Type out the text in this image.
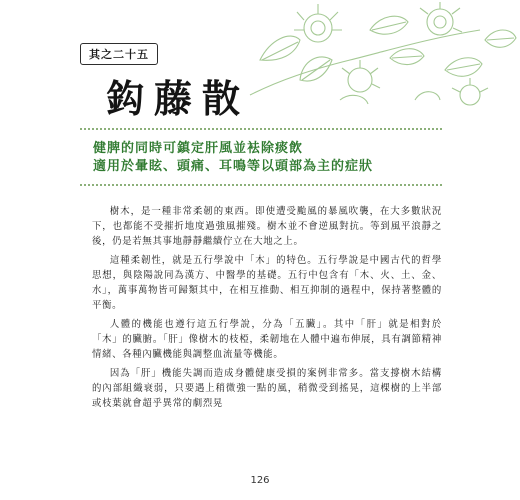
其之二十五
鈎藤散
健脾的同時可鎮定肝風並袪除痰飲
適用於暈眩、頭痛、耳鳴等以頭部為主的症狀

樹木，是一種非常柔韌的東西。即使遭受颱風的暴風吹襲，在大多數狀況下，也都能不受摧折地度過強風摧殘。樹木並不會逆風對抗。等到風平浪靜之後，仍是若無其事地靜靜繼續佇立在大地之上。

這種柔韌性，就是五行學說中「木」的特色。五行學說是中國古代的哲學思想，與陰陽說同為漢方、中醫學的基礎。五行中包含有「木、火、土、金、水」，萬事萬物皆可歸類其中，在相互推動、相互抑制的過程中，保持著整體的平衡。

人體的機能也遵行這五行學說，分為「五臟」。其中「肝」就是相對於「木」的臟腑。「肝」像樹木的枝椏，柔韌地在人體中遍布伸展，具有調節精神情緒、各種內臟機能與調整血流量等機能。

因為「肝」機能失調而造成身體健康受損的案例非常多。當支撐樹木結構的內部組織衰弱，只要遇上稍微強一點的風，稍微受到搖晃，這棵樹的上半部或枝葉就會超乎異常的劇烈晃

126
